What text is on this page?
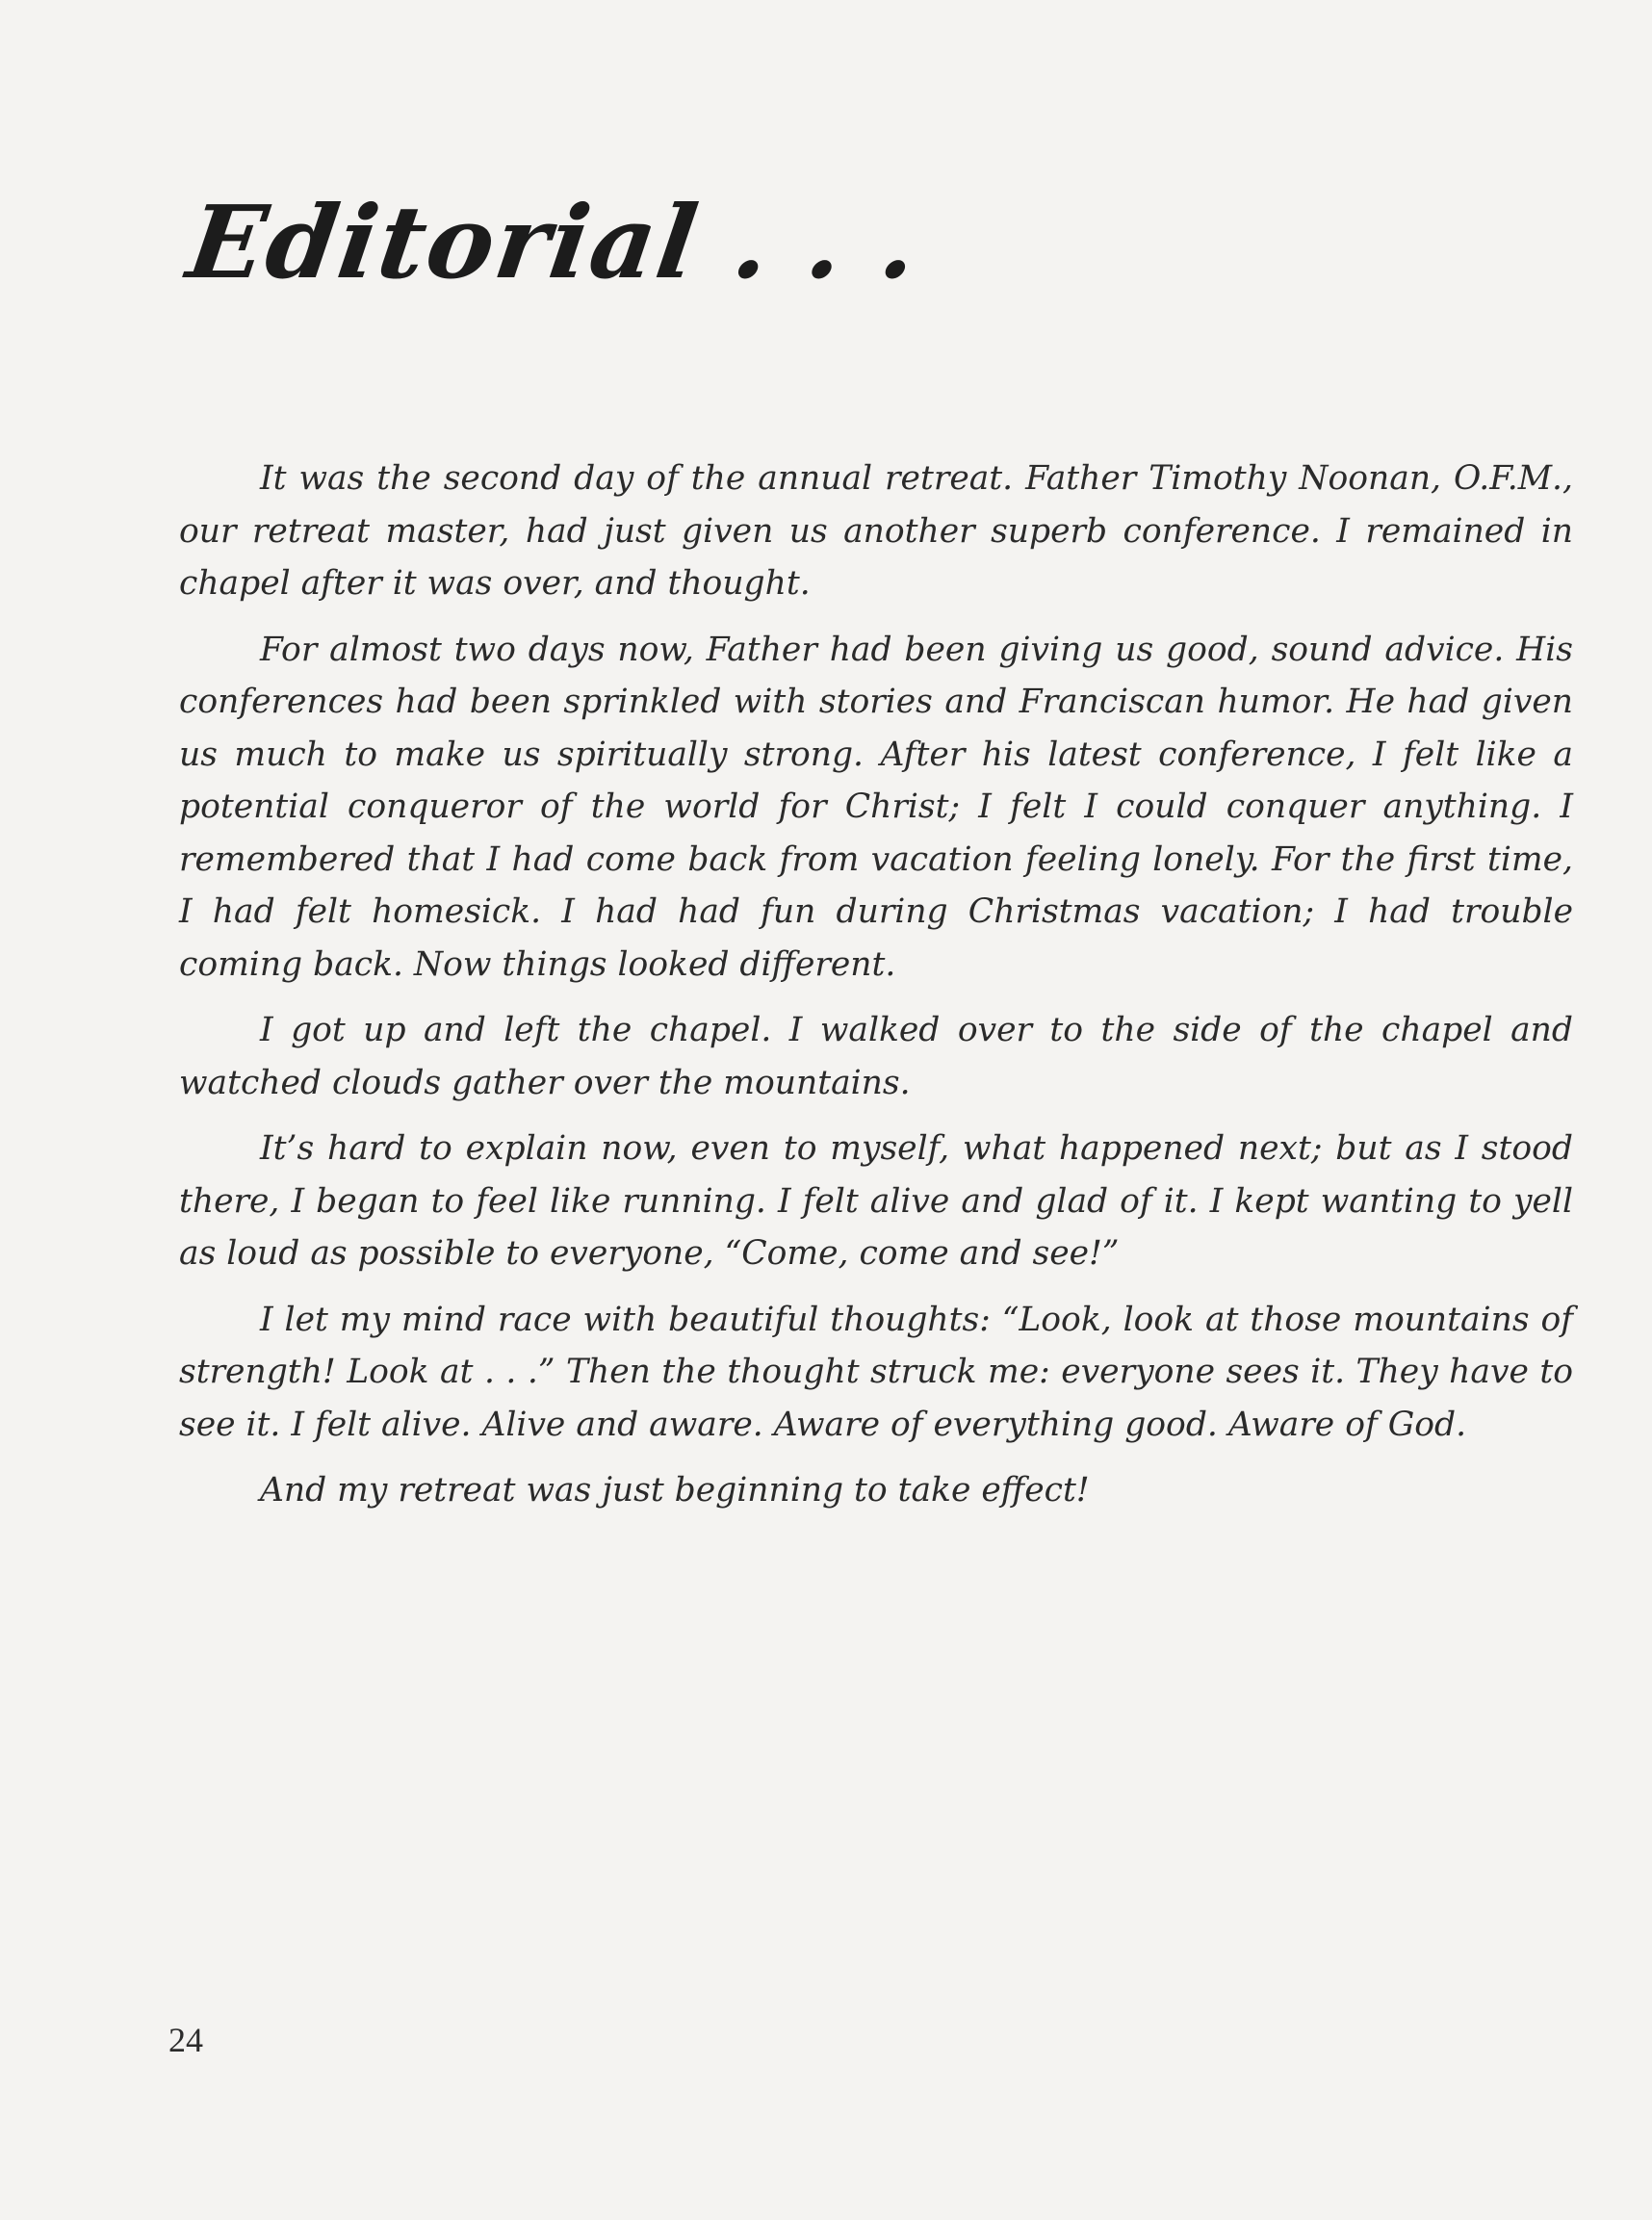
Editorial . . .

It was the second day of the annual retreat. Father Timothy Noonan, O.F.M., our retreat master, had just given us another superb conference. I remained in chapel after it was over, and thought.

For almost two days now, Father had been giving us good, sound advice. His conferences had been sprinkled with stories and Franciscan humor. He had given us much to make us spiritually strong. After his latest conference, I felt like a potential conqueror of the world for Christ; I felt I could conquer anything. I remembered that I had come back from vacation feeling lonely. For the first time, I had felt homesick. I had had fun during Christmas vacation; I had trouble coming back. Now things looked different.

I got up and left the chapel. I walked over to the side of the chapel and watched clouds gather over the mountains.

It’s hard to explain now, even to myself, what happened next; but as I stood there, I began to feel like running. I felt alive and glad of it. I kept wanting to yell as loud as possible to everyone, “Come, come and see!”

I let my mind race with beautiful thoughts: “Look, look at those mountains of strength! Look at . . .” Then the thought struck me: everyone sees it. They have to see it. I felt alive. Alive and aware. Aware of everything good. Aware of God.

And my retreat was just beginning to take effect!

24
